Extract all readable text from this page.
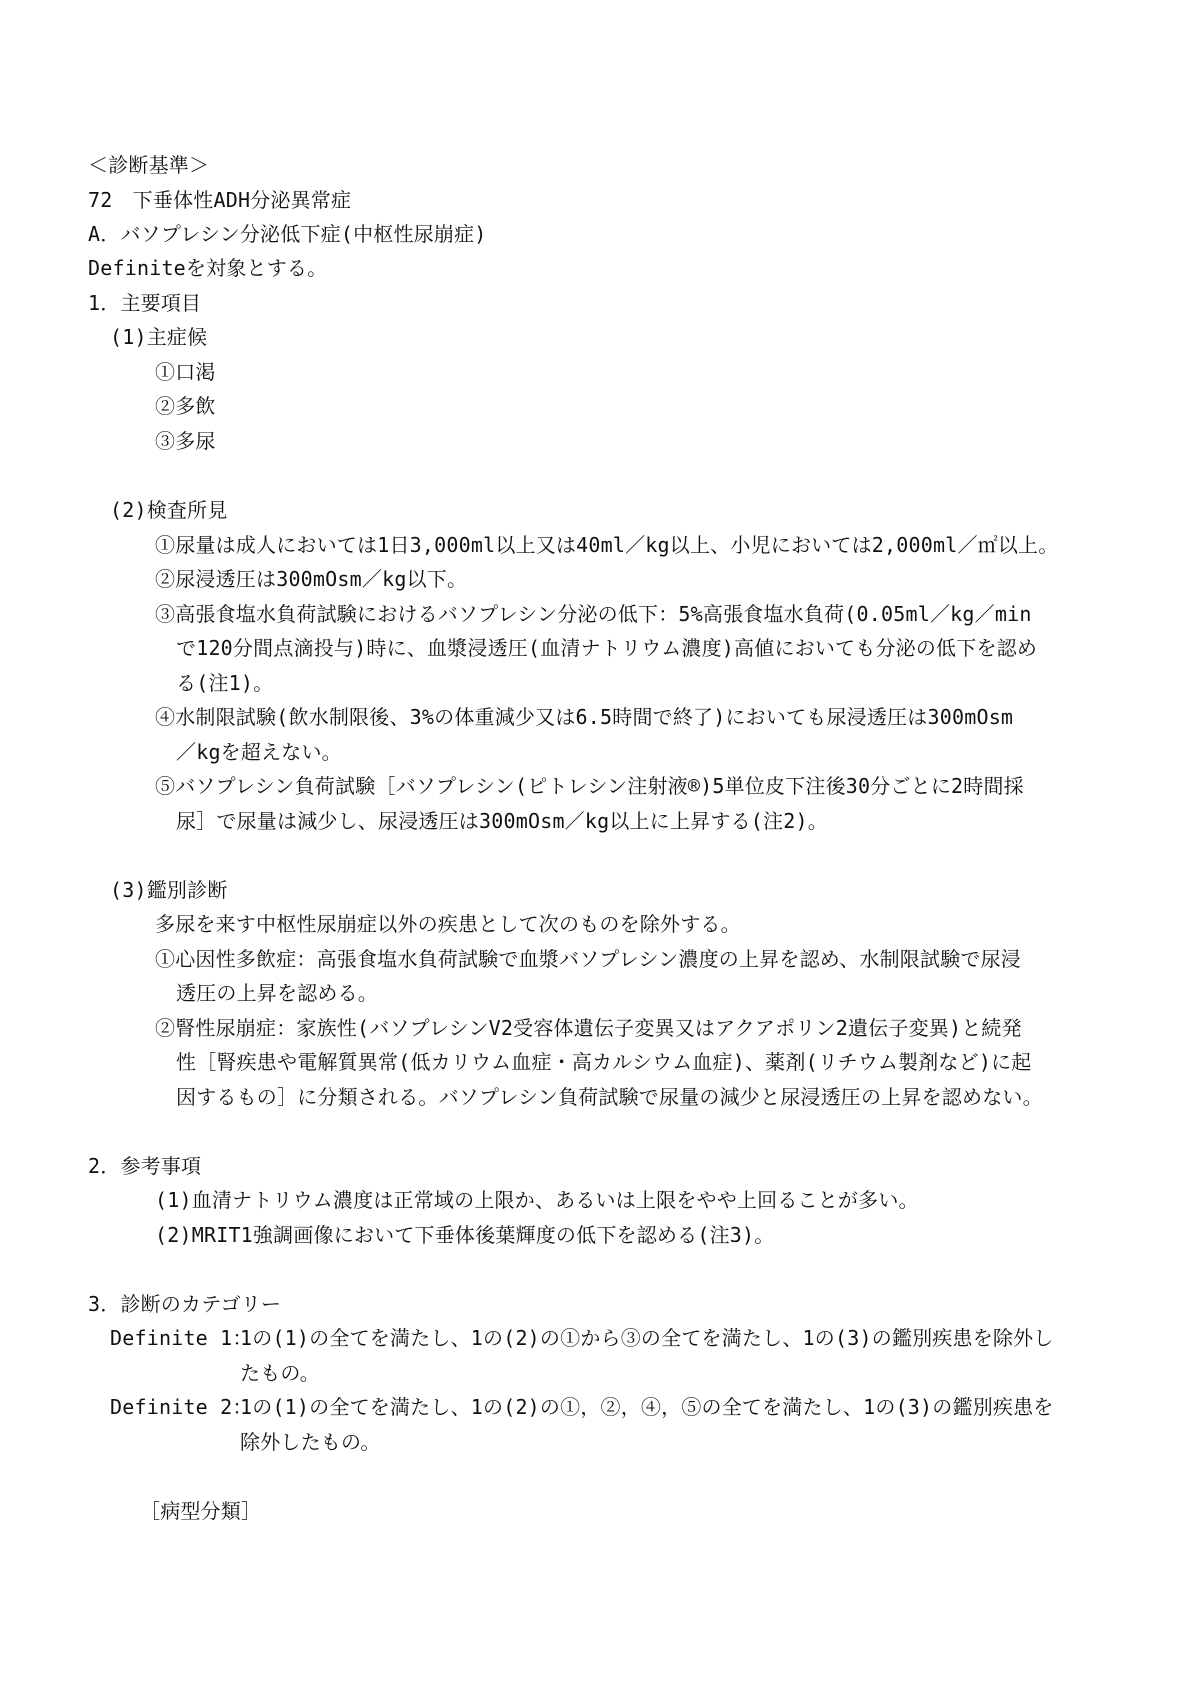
＜診断基準＞
72　下垂体性ADH分泌異常症
A．バソプレシン分泌低下症(中枢性尿崩症)
Definiteを対象とする。
1．主要項目
(1)主症候
①口渇
②多飲
③多尿
(2)検査所見
①尿量は成人においては1日3,000ml以上又は40ml／kg以上、小児においては2,000ml／㎡以上。
②尿浸透圧は300mOsm／kg以下。
③高張食塩水負荷試験におけるバソプレシン分泌の低下：5%高張食塩水負荷(0.05ml／kg／min
で120分間点滴投与)時に、血漿浸透圧(血清ナトリウム濃度)高値においても分泌の低下を認め
る(注1)。
④水制限試験(飲水制限後、3%の体重減少又は6.5時間で終了)においても尿浸透圧は300mOsm
／kgを超えない。
⑤バソプレシン負荷試験［バソプレシン(ピトレシン注射液®)5単位皮下注後30分ごとに2時間採
尿］で尿量は減少し、尿浸透圧は300mOsm／kg以上に上昇する(注2)。
(3)鑑別診断
多尿を来す中枢性尿崩症以外の疾患として次のものを除外する。
①心因性多飲症：高張食塩水負荷試験で血漿バソプレシン濃度の上昇を認め、水制限試験で尿浸
透圧の上昇を認める。
②腎性尿崩症：家族性(バソプレシンV2受容体遺伝子変異又はアクアポリン2遺伝子変異)と続発
性［腎疾患や電解質異常(低カリウム血症・高カルシウム血症)、薬剤(リチウム製剤など)に起
因するもの］に分類される。バソプレシン負荷試験で尿量の減少と尿浸透圧の上昇を認めない。
2．参考事項
(1)血清ナトリウム濃度は正常域の上限か、あるいは上限をやや上回ることが多い。
(2)MRIT1強調画像において下垂体後葉輝度の低下を認める(注3)。
3．診断のカテゴリー
Definite 1：
1の(1)の全てを満たし、1の(2)の①から③の全てを満たし、1の(3)の鑑別疾患を除外し
たもの。
Definite 2：
1の(1)の全てを満たし、1の(2)の①，②，④，⑤の全てを満たし、1の(3)の鑑別疾患を
除外したもの。
［病型分類］
